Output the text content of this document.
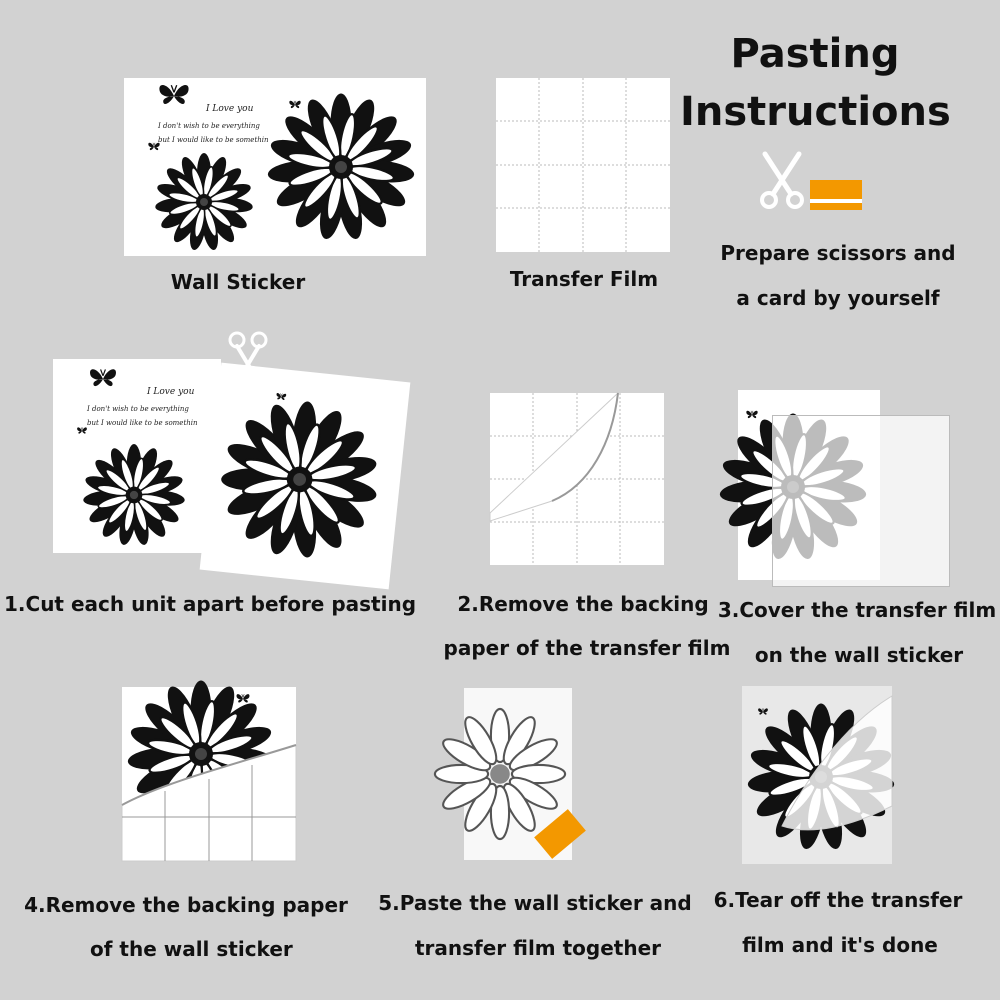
Pasting
Instructions
Prepare scissors and
a card by yourself
I Love you
I don't wish to be everything
but I would like to be somethin
Wall Sticker	Transfer Film
I Love you
I don't wish to be everything
but I would like to be somethin
1.Cut each unit apart before pasting 2.Remove the backing
paper of the transfer film
3.Cover the transfer film
on the wall sticker
4.Remove the backing paper
of the wall sticker
5.Paste the wall sticker and
transfer film together
6.Tear off the transfer
film and it's done
